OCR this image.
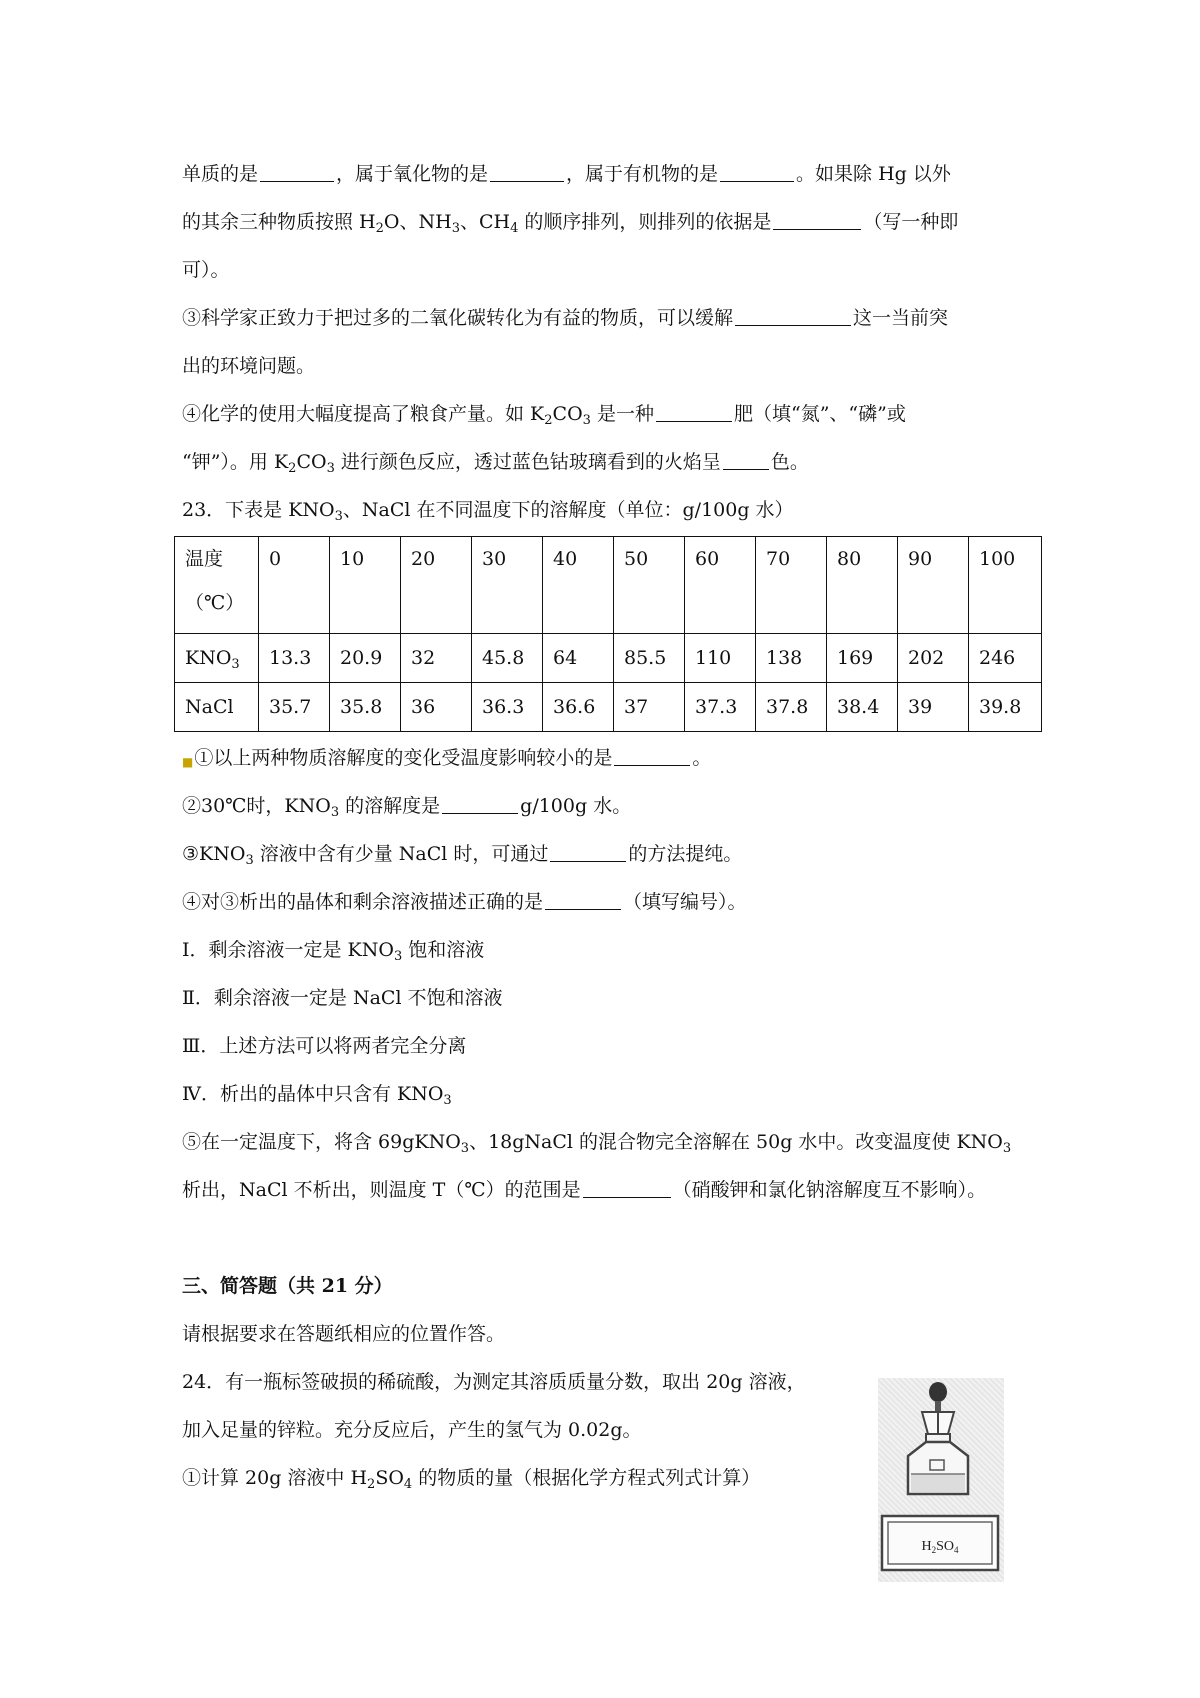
单质的是	，属于氧化物的是	，属于有机物的是	。如果除 Hg 以外
的其余三种物质按照 $H_2O$、$NH_3$、$CH_4$ 的顺序排列，则排列的依据是	（写一种即
可）。
③科学家正致力于把过多的二氧化碳转化为有益的物质，可以缓解	这一当前突
出的环境问题。
④化学的使用大幅度提高了粮食产量。如 $K_2CO_3$ 是一种	肥（填“氮”、“磷”或
“钾”）。用 $K_2CO_3$ 进行颜色反应，透过蓝色钴玻璃看到的火焰呈	色。
23．下表是 $KNO_3$、NaCl 在不同温度下的溶解度（单位：g/100g 水）
温度
（℃）	0	10	20	30	40	50	60	70	80	90	100
$KNO_3$	13.3	20.9	32	45.8	64	85.5	110	138	169	202	246
NaCl	35.7	35.8	36	36.3	36.6	37	37.3	37.8	38.4	39	39.8
■①以上两种物质溶解度的变化受温度影响较小的是	。
②30℃时，$KNO_3$ 的溶解度是	g/100g 水。
$③KNO_3$ 溶液中含有少量 NaCl 时，可通过	的方法提纯。
④对③析出的晶体和剩余溶液描述正确的是	（填写编号）。
Ⅰ．剩余溶液一定是 $KNO_3$ 饱和溶液
Ⅱ．剩余溶液一定是 NaCl 不饱和溶液
Ⅲ．上述方法可以将两者完全分离
Ⅳ．析出的晶体中只含有 $KNO_3$
⑤在一定温度下，将含 69gKNO$_3$、18gNaCl 的混合物完全溶解在 50g 水中。改变温度使 $KNO_3$
析出，NaCl 不析出，则温度 T（℃）的范围是	（硝酸钾和氯化钠溶解度互不影响）。
三、简答题（共 21 分）
请根据要求在答题纸相应的位置作答。
24．有一瓶标签破损的稀硫酸，为测定其溶质质量分数，取出 20g 溶液，
加入足量的锌粒。充分反应后，产生的氢气为 0.02g。
①计算 20g 溶液中 $H_2SO_4$ 的物质的量（根据化学方程式列式计算）
$H_2SO_4$
